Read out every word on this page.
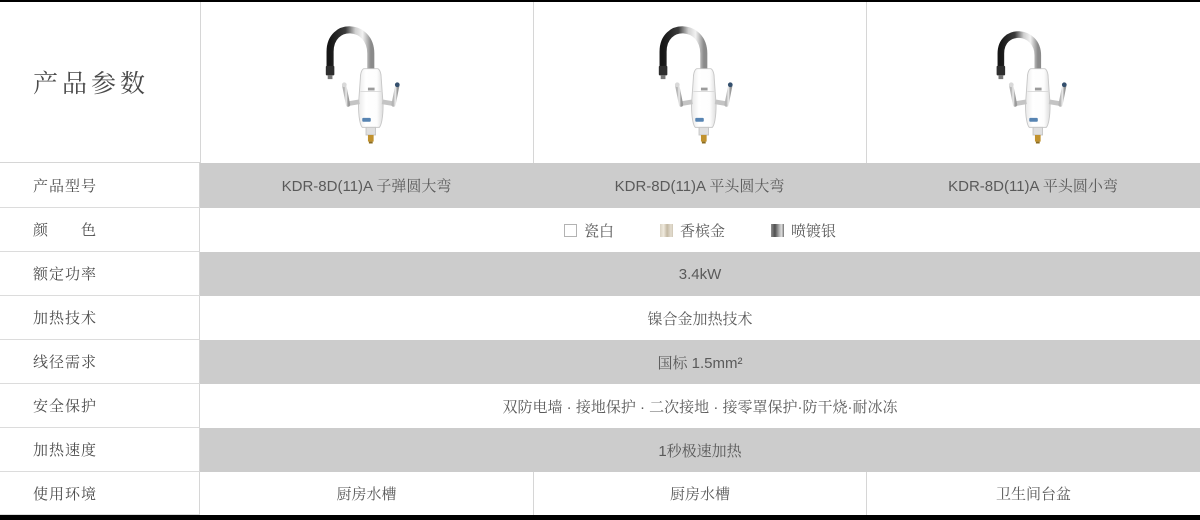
产品参数
产品型号	KDR-8D(11)A 子弹圆大弯	KDR-8D(11)A 平头圆大弯	KDR-8D(11)A 平头圆小弯
颜　　色	瓷白	香槟金	喷镀银
额定功率	3.4kW
加热技术	镍合金加热技术
线径需求	国标 1.5mm²
安全保护	双防电墙 · 接地保护 · 二次接地 · 接零罩保护·防干烧·耐冰冻
加热速度	1秒极速加热
使用环境	厨房水槽	厨房水槽	卫生间台盆
